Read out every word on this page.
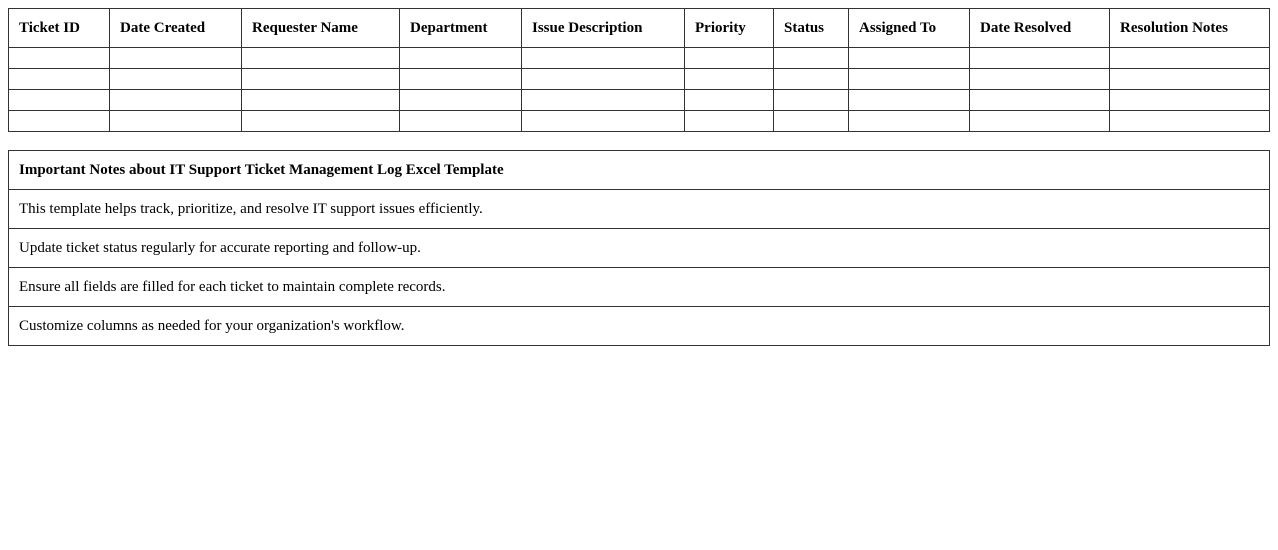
Ticket ID	Date Created	Requester Name	Department	Issue Description	Priority	Status	Assigned To	Date Resolved	Resolution Notes

Important Notes about IT Support Ticket Management Log Excel Template
This template helps track, prioritize, and resolve IT support issues efficiently.
Update ticket status regularly for accurate reporting and follow-up.
Ensure all fields are filled for each ticket to maintain complete records.
Customize columns as needed for your organization's workflow.
